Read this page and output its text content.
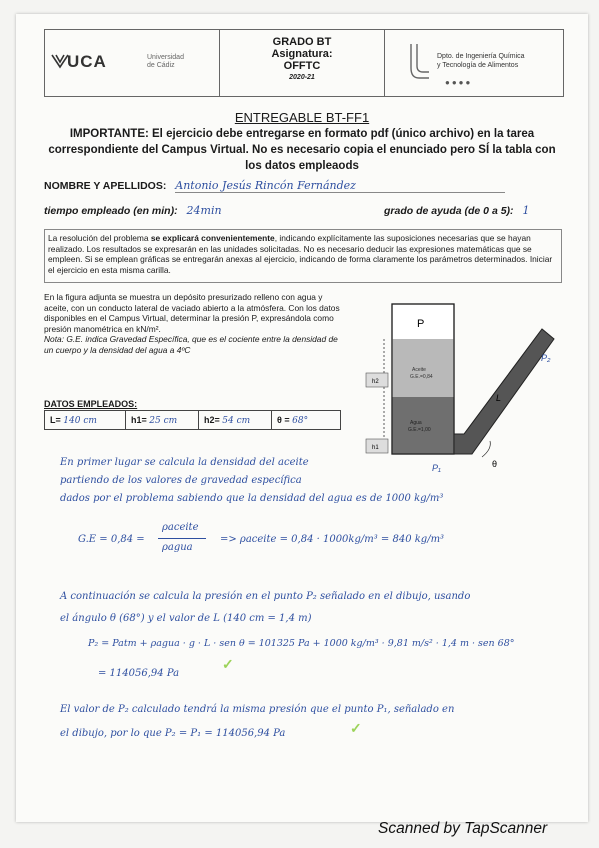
UCA	Universidad
de Cádiz
GRADO BT
Asignatura:
OFFTC
2020-21
Dpto. de Ingeniería Química
y Tecnología de Alimentos
●●●●
ENTREGABLE BT-FF1
IMPORTANTE: El ejercicio debe entregarse en formato pdf (único archivo) en la tarea correspondiente del Campus Virtual. No es necesario copia el enunciado pero SÍ la tabla con los datos empleaods
NOMBRE Y APELLIDOS: Antonio Jesús Rincón Fernández
tiempo empleado (en min): 24min	grado de ayuda (de 0 a 5): 1
La resolución del problema se explicará convenientemente, indicando explícitamente las suposiciones necesarias que se hayan realizado. Los resultados se expresarán en las unidades solicitadas. No es necesario deducir las expresiones matemáticas que se empleen. Si se emplean gráficas se entregarán anexas al ejercicio, indicando de forma claramente los parámetros determinados. Iniciar el ejercicio en esta misma carilla.
En la figura adjunta se muestra un depósito presurizado relleno con agua y aceite, con un conducto lateral de vaciado abierto a la atmósfera. Con los datos disponibles en el Campus Virtual, determinar la presión P, expresándola como presión manométrica en kN/m².
Nota: G.E. indica Gravedad Específica, que es el cociente entre la densidad de un cuerpo y la densidad del agua a 4ºC
P
Aceite
G.E.=0,84
Agua
G.E.=1,00
h2
h1
L
θ
P₂
P₁
DATOS EMPLEADOS:
L= 140 cm	h1= 25 cm	h2= 54 cm	θ = 68°
En primer lugar se calcula la densidad del aceite
partiendo de los valores de gravedad específica
dados por el problema sabiendo que la densidad del agua es de 1000 kg/m³
G.E = 0,84 =
ρaceite
ρagua
=> ρaceite = 0,84 · 1000kg/m³ = 840 kg/m³
A continuación se calcula la presión en el punto P₂ señalado en el dibujo, usando
el ángulo θ (68°) y el valor de L (140 cm = 1,4 m)
P₂ = Patm + ρagua · g · L · sen θ = 101325 Pa + 1000 kg/m³ · 9,81 m/s² · 1,4 m · sen 68°
✓
= 114056,94 Pa
El valor de P₂ calculado tendrá la misma presión que el punto P₁, señalado en
el dibujo, por lo que P₂ = P₁ = 114056,94 Pa	✓
Scanned by TapScanner
